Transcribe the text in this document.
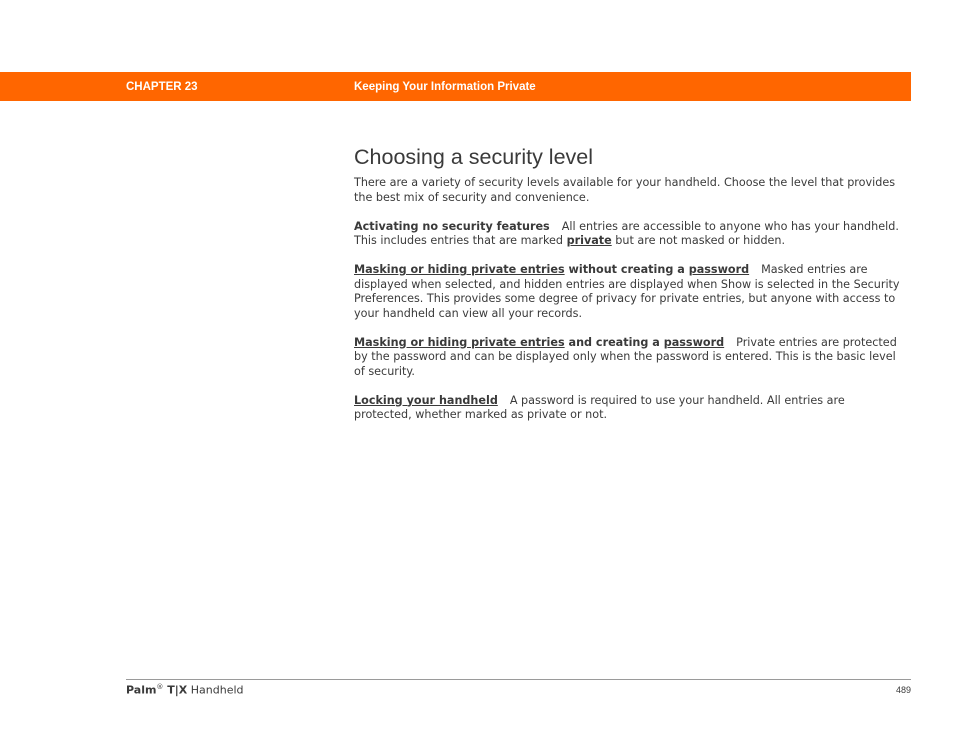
CHAPTER 23	Keeping Your Information Private
Choosing a security level

There are a variety of security levels available for your handheld. Choose the level that provides the best mix of security and convenience.

Activating no security features All entries are accessible to anyone who has your handheld. This includes entries that are marked private but are not masked or hidden.

Masking or hiding private entries without creating a password Masked entries are displayed when selected, and hidden entries are displayed when Show is selected in the Security Preferences. This provides some degree of privacy for private entries, but anyone with access to your handheld can view all your records.

Masking or hiding private entries and creating a password Private entries are protected by the password and can be displayed only when the password is entered. This is the basic level of security.

Locking your handheld A password is required to use your handheld. All entries are protected, whether marked as private or not.

Palm® T|X Handheld	489
